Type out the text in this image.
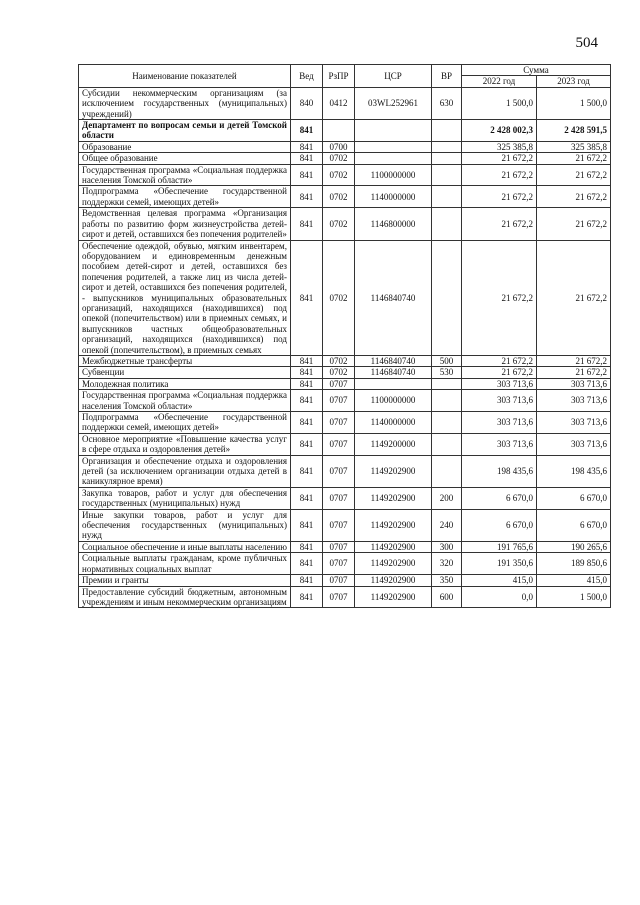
504
Наименование показателей	Вед	РзПР	ЦСР	ВР	Сумма	
					2022 год	2023 год
Субсидии некоммерческим организациям (за исключением государственных (муниципальных) учреждений)	840	0412	03WL252961	630	1 500,0	1 500,0
Департамент по вопросам семьи и детей Томской области	841				2 428 002,3	2 428 591,5
Образование	841	0700			325 385,8	325 385,8
Общее образование	841	0702			21 672,2	21 672,2
Государственная программа «Социальная поддержка населения Томской области»	841	0702	1100000000		21 672,2	21 672,2
Подпрограмма «Обеспечение государственной поддержки семей, имеющих детей»	841	0702	1140000000		21 672,2	21 672,2
Ведомственная целевая программа «Организация работы по развитию форм жизнеустройства детей-сирот и детей, оставшихся без попечения родителей»	841	0702	1146800000		21 672,2	21 672,2
Обеспечение одеждой, обувью, мягким инвентарем, оборудованием и единовременным денежным пособием детей-сирот и детей, оставшихся без попечения родителей, а также лиц из числа детей-сирот и детей, оставшихся без попечения родителей, - выпускников муниципальных образовательных организаций, находящихся (находившихся) под опекой (попечительством) или в приемных семьях, и выпускников частных общеобразовательных организаций, находящихся (находившихся) под опекой (попечительством), в приемных семьях	841	0702	1146840740		21 672,2	21 672,2
Межбюджетные трансферты	841	0702	1146840740	500	21 672,2	21 672,2
Субвенции	841	0702	1146840740	530	21 672,2	21 672,2
Молодежная политика	841	0707			303 713,6	303 713,6
Государственная программа «Социальная поддержка населения Томской области»	841	0707	1100000000		303 713,6	303 713,6
Подпрограмма «Обеспечение государственной поддержки семей, имеющих детей»	841	0707	1140000000		303 713,6	303 713,6
Основное мероприятие «Повышение качества услуг в сфере отдыха и оздоровления детей»	841	0707	1149200000		303 713,6	303 713,6
Организация и обеспечение отдыха и оздоровления детей (за исключением организации отдыха детей в каникулярное время)	841	0707	1149202900		198 435,6	198 435,6
Закупка товаров, работ и услуг для обеспечения государственных (муниципальных) нужд	841	0707	1149202900	200	6 670,0	6 670,0
Иные закупки товаров, работ и услуг для обеспечения государственных (муниципальных) нужд	841	0707	1149202900	240	6 670,0	6 670,0
Социальное обеспечение и иные выплаты населению	841	0707	1149202900	300	191 765,6	190 265,6
Социальные выплаты гражданам, кроме публичных нормативных социальных выплат	841	0707	1149202900	320	191 350,6	189 850,6
Премии и гранты	841	0707	1149202900	350	415,0	415,0
Предоставление субсидий бюджетным, автономным учреждениям и иным некоммерческим организациям	841	0707	1149202900	600	0,0	1 500,0
